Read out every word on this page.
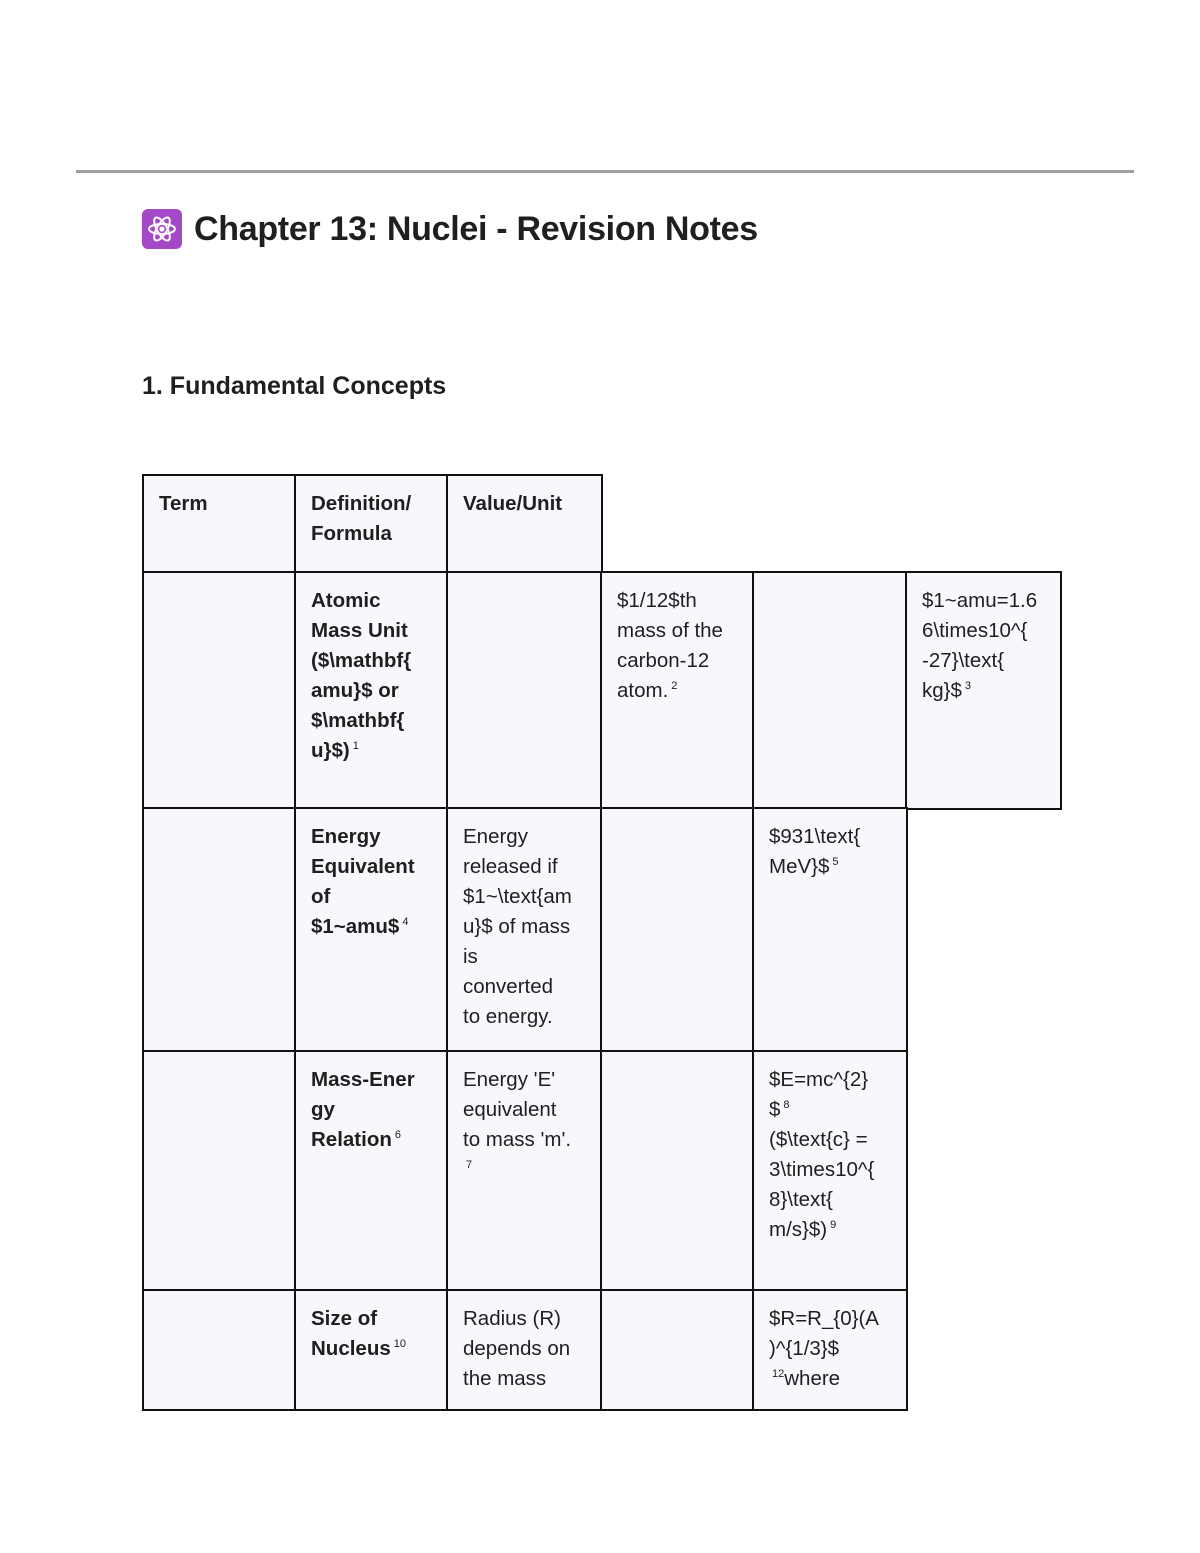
Chapter 13: Nuclei - Revision Notes
1. Fundamental Concepts
Term	Definition/
Formula
Value/Unit
Atomic
Mass Unit
($\mathbf{
amu}$ or
$\mathbf{
u}$) $^1$
$1/12$th
mass of the
carbon-12
atom. $^2$
$1~amu=1.6
6\times10^{
-27}\text{
kg}$ $^3$
Energy
Equivalent
of
$1~amu$ $^4$
Energy
released if
$1~\text{am
u}$ of mass
is
converted
to energy.
$931\text{
MeV}$ $^5$
Mass-Ener
gy
Relation $^6$
Energy 'E'
equivalent
to mass 'm'.
$^7$
$E=mc^{2}
$ $^8$
($\text{c} =
3\times10^{
8}\text{
m/s}$) $^9$
Size of
Nucleus $^{10}$
Radius (R)
depends on
the mass
$R=R_{0}(A
)^{1/3}$
$^{12}$where
